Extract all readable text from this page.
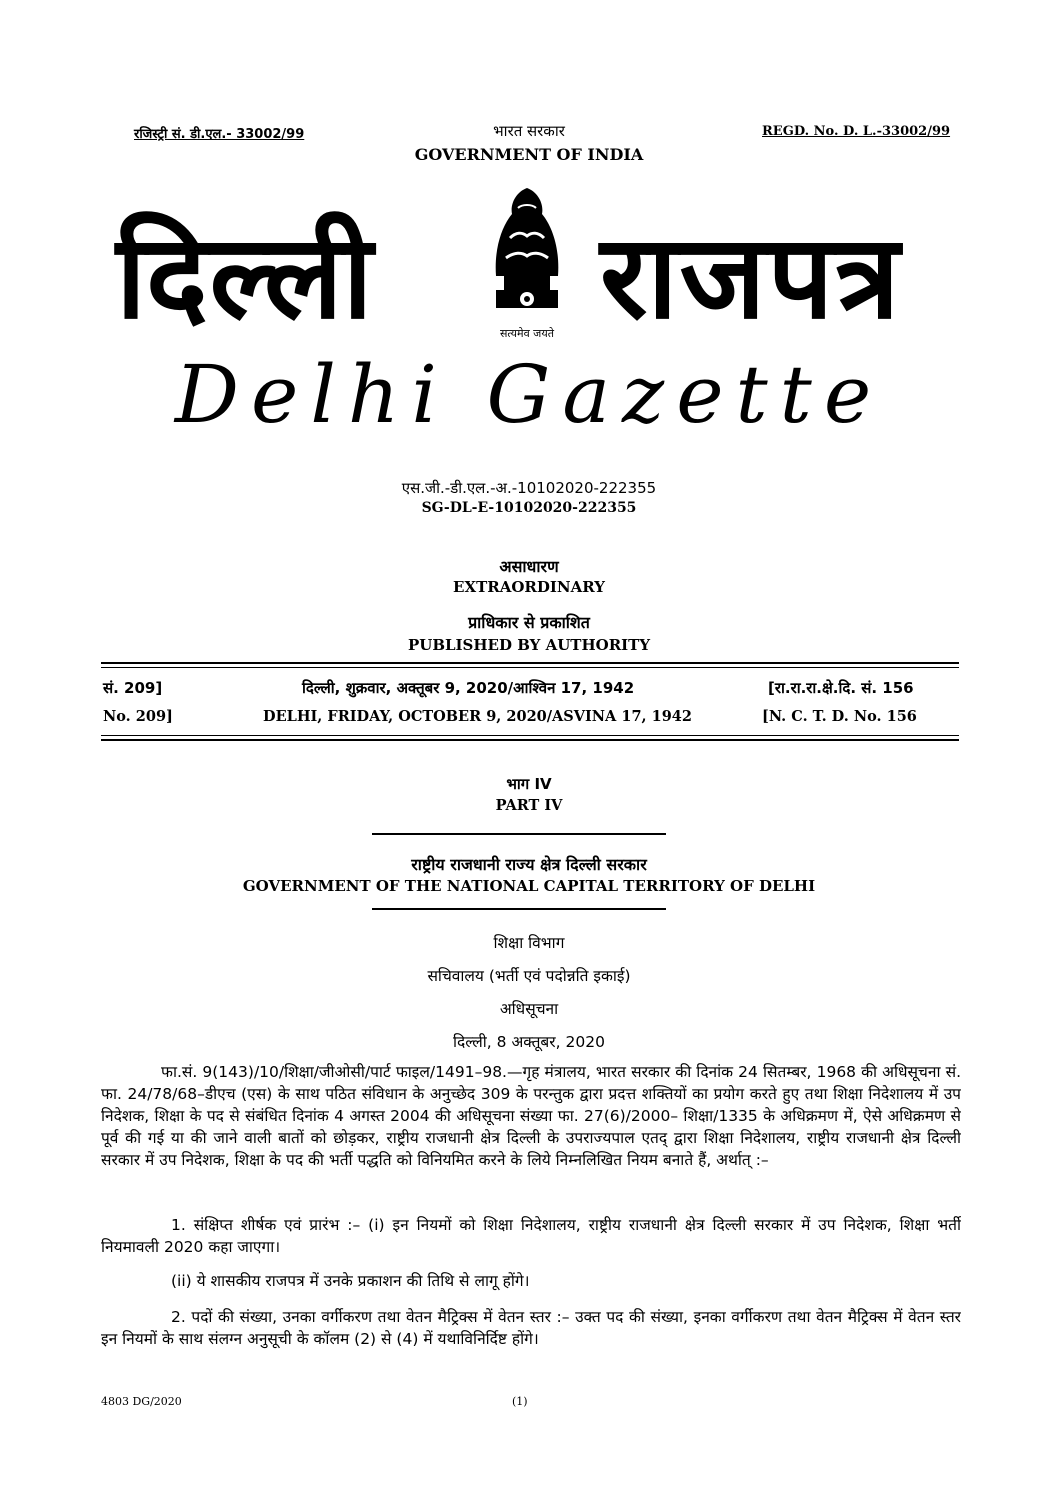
रजिस्ट्री सं. डी.एल.- 33002/99	REGD. No. D. L.-33002/99
भारत सरकार
GOVERNMENT OF INDIA
दिल्ली	सत्यमेव जयते राजपत्र
Delhi Gazette
एस.जी.-डी.एल.-अ.-10102020-222355
SG-DL-E-10102020-222355
असाधारण
EXTRAORDINARY
प्राधिकार से प्रकाशित
PUBLISHED BY AUTHORITY
सं. 209]	दिल्ली, शुक्रवार, अक्तूबर 9, 2020/आश्विन 17, 1942	[रा.रा.रा.क्षे.दि. सं. 156
No. 209]	DELHI, FRIDAY, OCTOBER 9, 2020/ASVINA 17, 1942	[N. C. T. D. No. 156
भाग IV
PART IV
राष्ट्रीय राजधानी राज्य क्षेत्र दिल्ली सरकार
GOVERNMENT OF THE NATIONAL CAPITAL TERRITORY OF DELHI
शिक्षा विभाग
सचिवालय (भर्ती एवं पदोन्नति इकाई)
अधिसूचना
दिल्ली, 8 अक्तूबर, 2020
फा.सं. 9(143)/10/शिक्षा/जीओसी/पार्ट फाइल/1491–98.—गृह मंत्रालय, भारत सरकार की दिनांक 24 सितम्बर, 1968 की अधिसूचना सं. फा. 24/78/68–डीएच (एस) के साथ पठित संविधान के अनुच्छेद 309 के परन्तुक द्वारा प्रदत्त शक्तियों का प्रयोग करते हुए तथा शिक्षा निदेशालय में उप निदेशक, शिक्षा के पद से संबंधित दिनांक 4 अगस्त 2004 की अधिसूचना संख्या फा. 27(6)/2000– शिक्षा/1335 के अधिक्रमण में, ऐसे अधिक्रमण से पूर्व की गई या की जाने वाली बातों को छोड़कर, राष्ट्रीय राजधानी क्षेत्र दिल्ली के उपराज्यपाल एतद् द्वारा शिक्षा निदेशालय, राष्ट्रीय राजधानी क्षेत्र दिल्ली सरकार में उप निदेशक, शिक्षा के पद की भर्ती पद्धति को विनियमित करने के लिये निम्नलिखित नियम बनाते हैं, अर्थात् :–
1. संक्षिप्त शीर्षक एवं प्रारंभ :– (i) इन नियमों को शिक्षा निदेशालय, राष्ट्रीय राजधानी क्षेत्र दिल्ली सरकार में उप निदेशक, शिक्षा भर्ती नियमावली 2020 कहा जाएगा।
(ii) ये शासकीय राजपत्र में उनके प्रकाशन की तिथि से लागू होंगे।
2. पदों की संख्या, उनका वर्गीकरण तथा वेतन मैट्रिक्स में वेतन स्तर :– उक्त पद की संख्या, इनका वर्गीकरण तथा वेतन मैट्रिक्स में वेतन स्तर इन नियमों के साथ संलग्न अनुसूची के कॉलम (2) से (4) में यथाविनिर्दिष्ट होंगे।
4803 DG/2020	(1)
